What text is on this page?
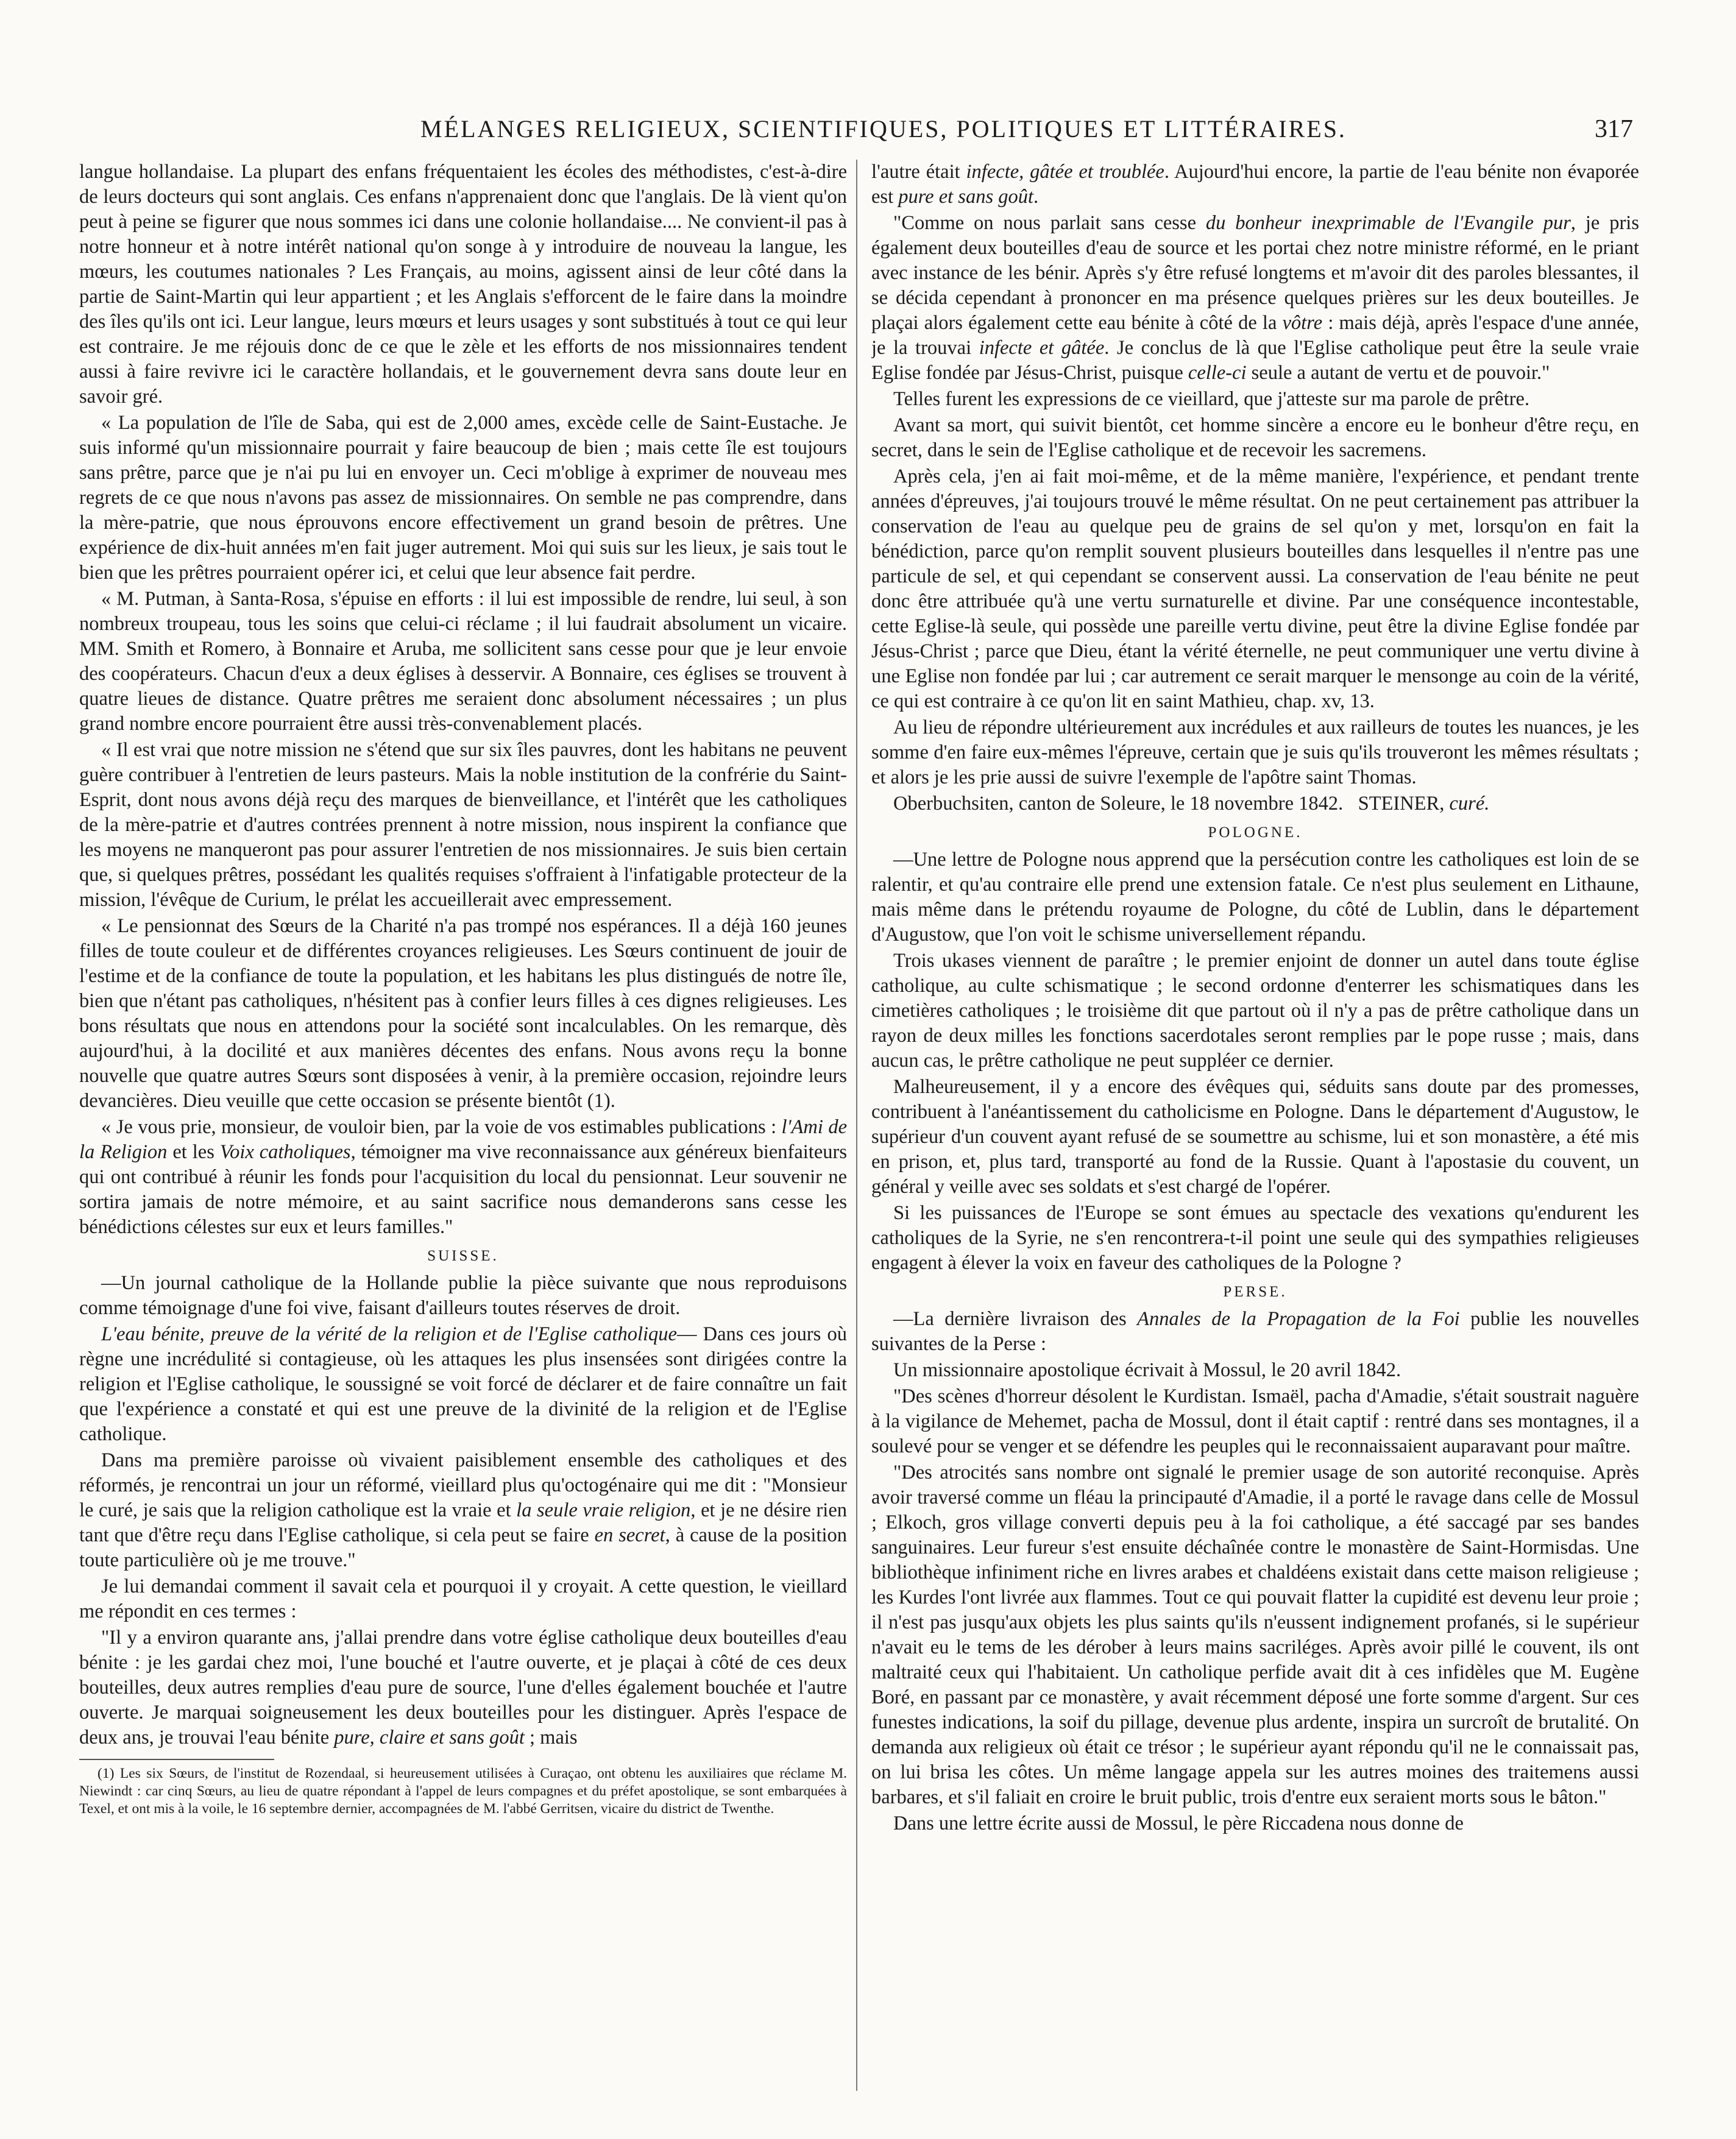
MÉLANGES RELIGIEUX, SCIENTIFIQUES, POLITIQUES ET LITTÉRAIRES.	317

langue hollandaise. La plupart des enfans fréquentaient les écoles des méthodistes, c'est-à-dire de leurs docteurs qui sont anglais. Ces enfans n'apprenaient donc que l'anglais. De là vient qu'on peut à peine se figurer que nous sommes ici dans une colonie hollandaise.... Ne convient-il pas à notre honneur et à notre intérêt national qu'on songe à y introduire de nouveau la langue, les mœurs, les coutumes nationales ? Les Français, au moins, agissent ainsi de leur côté dans la partie de Saint-Martin qui leur appartient ; et les Anglais s'efforcent de le faire dans la moindre des îles qu'ils ont ici. Leur langue, leurs mœurs et leurs usages y sont substitués à tout ce qui leur est contraire. Je me réjouis donc de ce que le zèle et les efforts de nos missionnaires tendent aussi à faire revivre ici le caractère hollandais, et le gouvernement devra sans doute leur en savoir gré.

« La population de l'île de Saba, qui est de 2,000 ames, excède celle de Saint-Eustache. Je suis informé qu'un missionnaire pourrait y faire beaucoup de bien ; mais cette île est toujours sans prêtre, parce que je n'ai pu lui en envoyer un. Ceci m'oblige à exprimer de nouveau mes regrets de ce que nous n'avons pas assez de missionnaires. On semble ne pas comprendre, dans la mère-patrie, que nous éprouvons encore effectivement un grand besoin de prêtres. Une expérience de dix-huit années m'en fait juger autrement. Moi qui suis sur les lieux, je sais tout le bien que les prêtres pourraient opérer ici, et celui que leur absence fait perdre.

« M. Putman, à Santa-Rosa, s'épuise en efforts : il lui est impossible de rendre, lui seul, à son nombreux troupeau, tous les soins que celui-ci réclame ; il lui faudrait absolument un vicaire. MM. Smith et Romero, à Bonnaire et Aruba, me sollicitent sans cesse pour que je leur envoie des coopérateurs. Chacun d'eux a deux églises à desservir. A Bonnaire, ces églises se trouvent à quatre lieues de distance. Quatre prêtres me seraient donc absolument nécessaires ; un plus grand nombre encore pourraient être aussi très-convenablement placés.

« Il est vrai que notre mission ne s'étend que sur six îles pauvres, dont les habitans ne peuvent guère contribuer à l'entretien de leurs pasteurs. Mais la noble institution de la confrérie du Saint-Esprit, dont nous avons déjà reçu des marques de bienveillance, et l'intérêt que les catholiques de la mère-patrie et d'autres contrées prennent à notre mission, nous inspirent la confiance que les moyens ne manqueront pas pour assurer l'entretien de nos missionnaires. Je suis bien certain que, si quelques prêtres, possédant les qualités requises s'offraient à l'infatigable protecteur de la mission, l'évêque de Curium, le prélat les accueillerait avec empressement.

« Le pensionnat des Sœurs de la Charité n'a pas trompé nos espérances. Il a déjà 160 jeunes filles de toute couleur et de différentes croyances religieuses. Les Sœurs continuent de jouir de l'estime et de la confiance de toute la population, et les habitans les plus distingués de notre île, bien que n'étant pas catholiques, n'hésitent pas à confier leurs filles à ces dignes religieuses. Les bons résultats que nous en attendons pour la société sont incalculables. On les remarque, dès aujourd'hui, à la docilité et aux manières décentes des enfans. Nous avons reçu la bonne nouvelle que quatre autres Sœurs sont disposées à venir, à la première occasion, rejoindre leurs devancières. Dieu veuille que cette occasion se présente bientôt (1).

« Je vous prie, monsieur, de vouloir bien, par la voie de vos estimables publications : l'Ami de la Religion et les Voix catholiques, témoigner ma vive reconnaissance aux généreux bienfaiteurs qui ont contribué à réunir les fonds pour l'acquisition du local du pensionnat. Leur souvenir ne sortira jamais de notre mémoire, et au saint sacrifice nous demanderons sans cesse les bénédictions célestes sur eux et leurs familles."

SUISSE.

—Un journal catholique de la Hollande publie la pièce suivante que nous reproduisons comme témoignage d'une foi vive, faisant d'ailleurs toutes réserves de droit.

L'eau bénite, preuve de la vérité de la religion et de l'Eglise catholique— Dans ces jours où règne une incrédulité si contagieuse, où les attaques les plus insensées sont dirigées contre la religion et l'Eglise catholique, le soussigné se voit forcé de déclarer et de faire connaître un fait que l'expérience a constaté et qui est une preuve de la divinité de la religion et de l'Eglise catholique.

Dans ma première paroisse où vivaient paisiblement ensemble des catholiques et des réformés, je rencontrai un jour un réformé, vieillard plus qu'octogénaire qui me dit : "Monsieur le curé, je sais que la religion catholique est la vraie et la seule vraie religion, et je ne désire rien tant que d'être reçu dans l'Eglise catholique, si cela peut se faire en secret, à cause de la position toute particulière où je me trouve."

Je lui demandai comment il savait cela et pourquoi il y croyait. A cette question, le vieillard me répondit en ces termes :

"Il y a environ quarante ans, j'allai prendre dans votre église catholique deux bouteilles d'eau bénite : je les gardai chez moi, l'une bouché et l'autre ouverte, et je plaçai à côté de ces deux bouteilles, deux autres remplies d'eau pure de source, l'une d'elles également bouchée et l'autre ouverte. Je marquai soigneusement les deux bouteilles pour les distinguer. Après l'espace de deux ans, je trouvai l'eau bénite pure, claire et sans goût ; mais

(1) Les six Sœurs, de l'institut de Rozendaal, si heureusement utilisées à Curaçao, ont obtenu les auxiliaires que réclame M. Niewindt : car cinq Sœurs, au lieu de quatre répondant à l'appel de leurs compagnes et du préfet apostolique, se sont embarquées à Texel, et ont mis à la voile, le 16 septembre dernier, accompagnées de M. l'abbé Gerritsen, vicaire du district de Twenthe.

l'autre était infecte, gâtée et troublée. Aujourd'hui encore, la partie de l'eau bénite non évaporée est pure et sans goût.

"Comme on nous parlait sans cesse du bonheur inexprimable de l'Evangile pur, je pris également deux bouteilles d'eau de source et les portai chez notre ministre réformé, en le priant avec instance de les bénir. Après s'y être refusé longtems et m'avoir dit des paroles blessantes, il se décida cependant à prononcer en ma présence quelques prières sur les deux bouteilles. Je plaçai alors également cette eau bénite à côté de la vôtre : mais déjà, après l'espace d'une année, je la trouvai infecte et gâtée. Je conclus de là que l'Eglise catholique peut être la seule vraie Eglise fondée par Jésus-Christ, puisque celle-ci seule a autant de vertu et de pouvoir."

Telles furent les expressions de ce vieillard, que j'atteste sur ma parole de prêtre.

Avant sa mort, qui suivit bientôt, cet homme sincère a encore eu le bonheur d'être reçu, en secret, dans le sein de l'Eglise catholique et de recevoir les sacremens.

Après cela, j'en ai fait moi-même, et de la même manière, l'expérience, et pendant trente années d'épreuves, j'ai toujours trouvé le même résultat. On ne peut certainement pas attribuer la conservation de l'eau au quelque peu de grains de sel qu'on y met, lorsqu'on en fait la bénédiction, parce qu'on remplit souvent plusieurs bouteilles dans lesquelles il n'entre pas une particule de sel, et qui cependant se conservent aussi. La conservation de l'eau bénite ne peut donc être attribuée qu'à une vertu surnaturelle et divine. Par une conséquence incontestable, cette Eglise-là seule, qui possède une pareille vertu divine, peut être la divine Eglise fondée par Jésus-Christ ; parce que Dieu, étant la vérité éternelle, ne peut communiquer une vertu divine à une Eglise non fondée par lui ; car autrement ce serait marquer le mensonge au coin de la vérité, ce qui est contraire à ce qu'on lit en saint Mathieu, chap. xv, 13.

Au lieu de répondre ultérieurement aux incrédules et aux railleurs de toutes les nuances, je les somme d'en faire eux-mêmes l'épreuve, certain que je suis qu'ils trouveront les mêmes résultats ; et alors je les prie aussi de suivre l'exemple de l'apôtre saint Thomas.

Oberbuchsiten, canton de Soleure, le 18 novembre 1842. STEINER, curé.

POLOGNE.

—Une lettre de Pologne nous apprend que la persécution contre les catholiques est loin de se ralentir, et qu'au contraire elle prend une extension fatale. Ce n'est plus seulement en Lithaune, mais même dans le prétendu royaume de Pologne, du côté de Lublin, dans le département d'Augustow, que l'on voit le schisme universellement répandu.

Trois ukases viennent de paraître ; le premier enjoint de donner un autel dans toute église catholique, au culte schismatique ; le second ordonne d'enterrer les schismatiques dans les cimetières catholiques ; le troisième dit que partout où il n'y a pas de prêtre catholique dans un rayon de deux milles les fonctions sacerdotales seront remplies par le pope russe ; mais, dans aucun cas, le prêtre catholique ne peut suppléer ce dernier.

Malheureusement, il y a encore des évêques qui, séduits sans doute par des promesses, contribuent à l'anéantissement du catholicisme en Pologne. Dans le département d'Augustow, le supérieur d'un couvent ayant refusé de se soumettre au schisme, lui et son monastère, a été mis en prison, et, plus tard, transporté au fond de la Russie. Quant à l'apostasie du couvent, un général y veille avec ses soldats et s'est chargé de l'opérer.

Si les puissances de l'Europe se sont émues au spectacle des vexations qu'endurent les catholiques de la Syrie, ne s'en rencontrera-t-il point une seule qui des sympathies religieuses engagent à élever la voix en faveur des catholiques de la Pologne ?

PERSE.

—La dernière livraison des Annales de la Propagation de la Foi publie les nouvelles suivantes de la Perse :

Un missionnaire apostolique écrivait à Mossul, le 20 avril 1842.

"Des scènes d'horreur désolent le Kurdistan. Ismaël, pacha d'Amadie, s'était soustrait naguère à la vigilance de Mehemet, pacha de Mossul, dont il était captif : rentré dans ses montagnes, il a soulevé pour se venger et se défendre les peuples qui le reconnaissaient auparavant pour maître.

"Des atrocités sans nombre ont signalé le premier usage de son autorité reconquise. Après avoir traversé comme un fléau la principauté d'Amadie, il a porté le ravage dans celle de Mossul ; Elkoch, gros village converti depuis peu à la foi catholique, a été saccagé par ses bandes sanguinaires. Leur fureur s'est ensuite déchaînée contre le monastère de Saint-Hormisdas. Une bibliothèque infiniment riche en livres arabes et chaldéens existait dans cette maison religieuse ; les Kurdes l'ont livrée aux flammes. Tout ce qui pouvait flatter la cupidité est devenu leur proie ; il n'est pas jusqu'aux objets les plus saints qu'ils n'eussent indignement profanés, si le supérieur n'avait eu le tems de les dérober à leurs mains sacriléges. Après avoir pillé le couvent, ils ont maltraité ceux qui l'habitaient. Un catholique perfide avait dit à ces infidèles que M. Eugène Boré, en passant par ce monastère, y avait récemment déposé une forte somme d'argent. Sur ces funestes indications, la soif du pillage, devenue plus ardente, inspira un surcroît de brutalité. On demanda aux religieux où était ce trésor ; le supérieur ayant répondu qu'il ne le connaissait pas, on lui brisa les côtes. Un même langage appela sur les autres moines des traitemens aussi barbares, et s'il faliait en croire le bruit public, trois d'entre eux seraient morts sous le bâton."

Dans une lettre écrite aussi de Mossul, le père Riccadena nous donne de
